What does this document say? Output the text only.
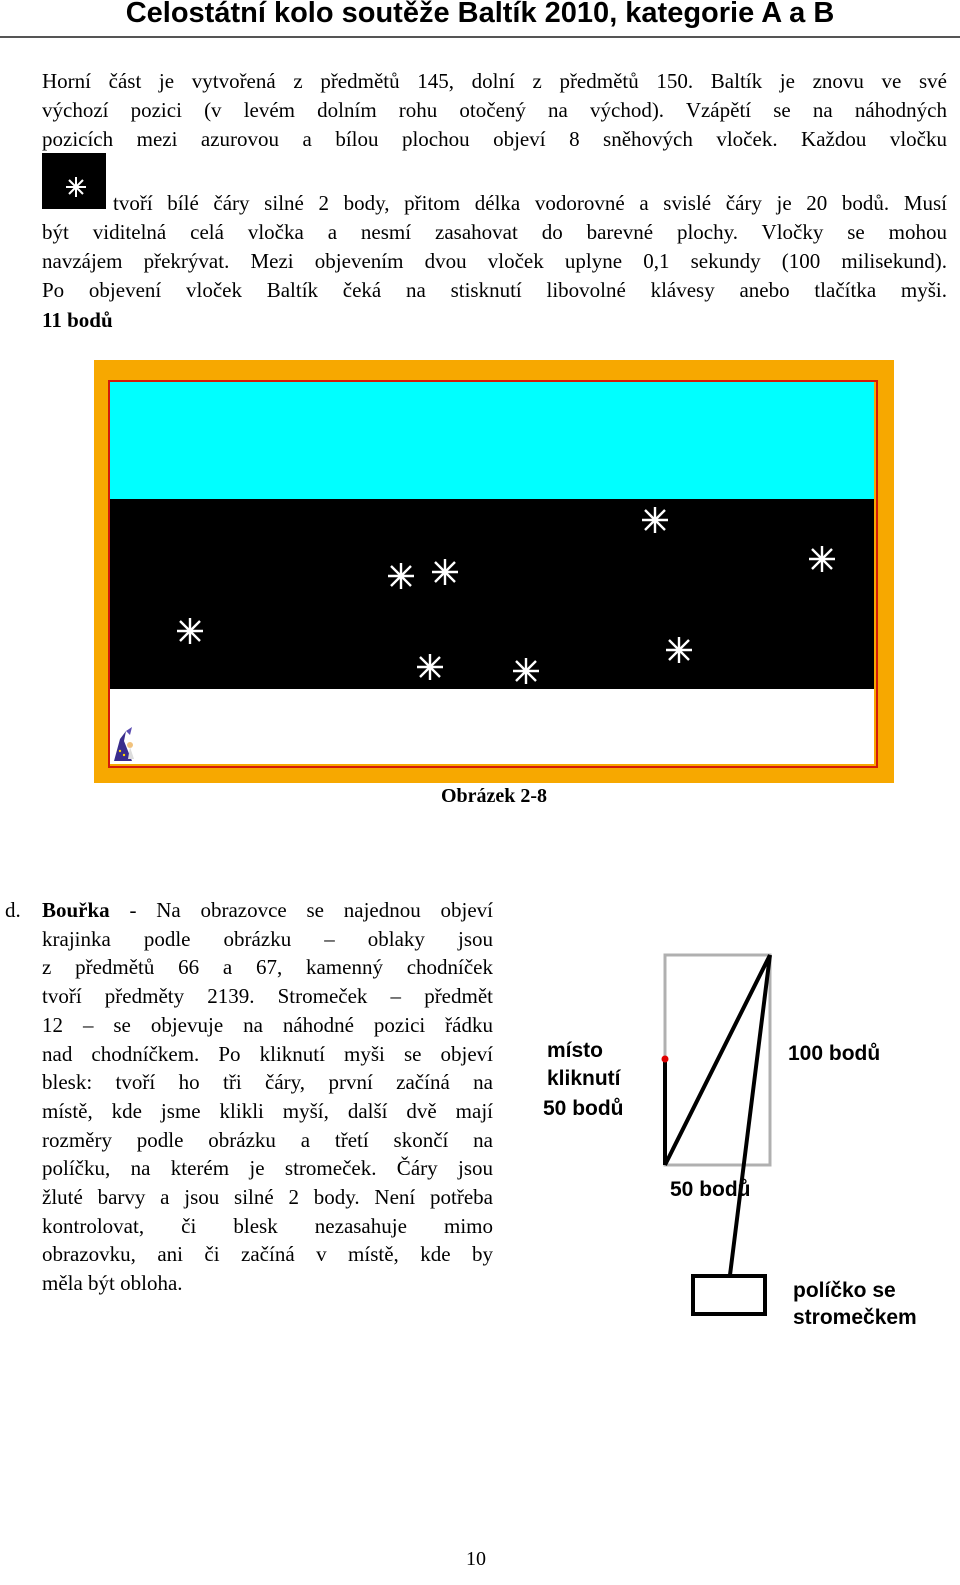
Celostátní kolo soutěže Baltík 2010, kategorie A a B
Horní část je vytvořená z předmětů 145, dolní z předmětů 150. Baltík je znovu ve své
výchozí pozici (v levém dolním rohu otočený na východ). Vzápětí se na náhodných
pozicích mezi azurovou a bílou plochou objeví 8 sněhových vloček. Každou vločku
tvoří bílé čáry silné 2 body, přitom délka vodorovné a svislé čáry je 20 bodů. Musí
být viditelná celá vločka a nesmí zasahovat do barevné plochy. Vločky se mohou
navzájem překrývat. Mezi objevením dvou vloček uplyne 0,1 sekundy (100 milisekund).
Po objevení vloček Baltík čeká na stisknutí libovolné klávesy anebo tlačítka myši.
11 bodů
Obrázek 2-8
d. Bouřka - Na obrazovce se najednou objeví
krajinka podle obrázku – oblaky jsou
z předmětů 66 a 67, kamenný chodníček
tvoří předměty 2139. Stromeček – předmět
12 – se objevuje na náhodné pozici řádku
nad chodníčkem. Po kliknutí myši se objeví
blesk: tvoří ho tři čáry, první začíná na
místě, kde jsme klikli myší, další dvě mají
rozměry podle obrázku a třetí skončí na
políčku, na kterém je stromeček. Čáry jsou
žluté barvy a jsou silné 2 body. Není potřeba
kontrolovat, či blesk nezasahuje mimo
obrazovku, ani či začíná v místě, kde by
měla být obloha.
místo
kliknutí
50 bodů
100 bodů
50 bodů
políčko se
stromečkem
10
